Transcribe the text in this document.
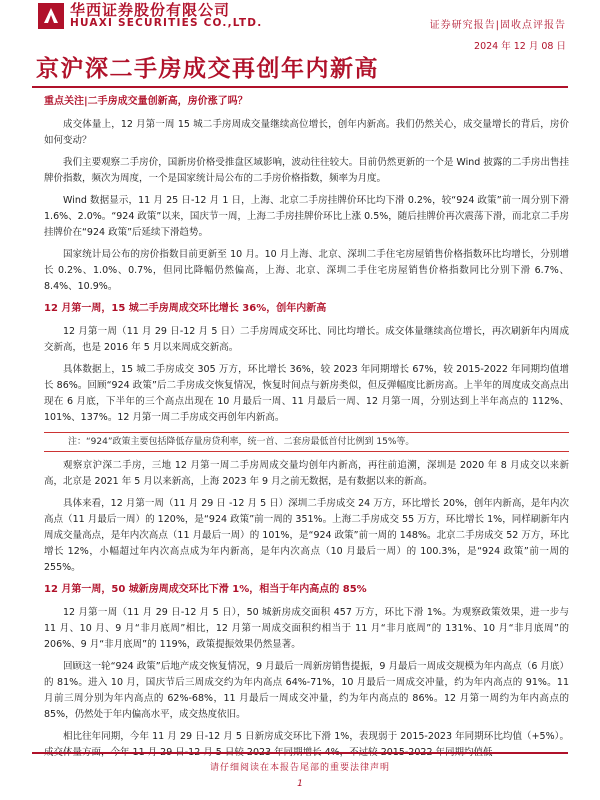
华西证券股份有限公司
HUAXI SECURITIES CO.,LTD.	证券研究报告|固收点评报告
2024 年 12 月 08 日
京沪深二手房成交再创年内新高
重点关注|二手房成交量创新高，房价涨了吗？

成交体量上，12 月第一周 15 城二手房周成交量继续高位增长，创年内新高。我们仍然关心，成交量增长的背后，房价如何变动？

我们主要观察二手房价，国新房价格受推盘区域影响，波动往往较大。目前仍然更新的一个是 Wind 披露的二手房出售挂牌价指数，频次为周度，一个是国家统计局公布的二手房价格指数，频率为月度。

Wind 数据显示，11 月 25 日-12 月 1 日，上海、北京二手房挂牌价环比均下滑 0.2%，较“924 政策”前一周分别下滑 1.6%、2.0%。“924 政策”以来，国庆节一周，上海二手房挂牌价环比上涨 0.5%，随后挂牌价再次震荡下滑，而北京二手房挂牌价在“924 政策”后延续下滑趋势。

国家统计局公布的房价指数目前更新至 10 月。10 月上海、北京、深圳二手住宅房屋销售价格指数环比均增长，分别增长 0.2%、1.0%、0.7%，但同比降幅仍然偏高，上海、北京、深圳二手住宅房屋销售价格指数同比分别下滑 6.7%、8.4%、10.9%。

12 月第一周，15 城二手房周成交环比增长 36%，创年内新高

12 月第一周（11 月 29 日-12 月 5 日）二手房周成交环比、同比均增长。成交体量继续高位增长，再次刷新年内周成交新高，也是 2016 年 5 月以来周成交新高。

具体数据上，15 城二手房成交 305 万方，环比增长 36%，较 2023 年同期增长 67%，较 2015-2022 年同期均值增长 86%。回顾“924 政策”后二手房成交恢复情况，恢复时间点与新房类似，但反弹幅度比新房高。上半年的周度成交高点出现在 6 月底，下半年的三个高点出现在 10 月最后一周、11 月最后一周、12 月第一周，分别达到上半年高点的 112%、101%、137%。12 月第一周二手房成交再创年内新高。

注：“924”政策主要包括降低存量房贷利率，统一首、二套房最低首付比例到 15%等。

观察京沪深二手房，三地 12 月第一周二手房周成交量均创年内新高，再往前追溯，深圳是 2020 年 8 月成交以来新高，北京是 2021 年 5 月以来新高，上海 2023 年 9 月之前无数据，是有数据以来的新高。

具体来看，12 月第一周（11 月 29 日 -12 月 5 日）深圳二手房成交 24 万方，环比增长 20%，创年内新高，是年内次高点（11 月最后一周）的 120%，是“924 政策”前一周的 351%。上海二手房成交 55 万方，环比增长 1%，同样刷新年内周成交量高点，是年内次高点（11 月最后一周）的 101%，是“924 政策”前一周的 148%。北京二手房成交 52 万方，环比增长 12%，小幅超过年内次高点成为年内新高，是年内次高点（10 月最后一周）的 100.3%，是“924 政策”前一周的 255%。

12 月第一周，50 城新房周成交环比下滑 1%，相当于年内高点的 85%

12 月第一周（11 月 29 日-12 月 5 日），50 城新房成交面积 457 万方，环比下滑 1%。为观察政策效果，进一步与 11 月、10 月、9 月“非月底周”相比，12 月第一周成交面积约相当于 11 月“非月底周”的 131%、10 月“非月底周”的 206%、9 月“非月底周”的 119%，政策提振效果仍然显著。

回顾这一轮“924 政策”后地产成交恢复情况，9 月最后一周新房销售提振，9 月最后一周成交规模为年内高点（6 月底）的 81%。进入 10 月，国庆节后三周成交约为年内高点 64%-71%，10 月最后一周成交冲量，约为年内高点的 91%。11 月前三周分别为年内高点的 62%-68%，11 月最后一周成交冲量，约为年内高点的 86%。12 月第一周约为年内高点的 85%，仍然处于年内偏高水平，成交热度依旧。

相比往年同期，今年 11 月 29 日-12 月 5 日新房成交环比下滑 1%，表现弱于 2015-2023 年同期环比均值（+5%）。

请仔细阅读在本报告尾部的重要法律声明
1
